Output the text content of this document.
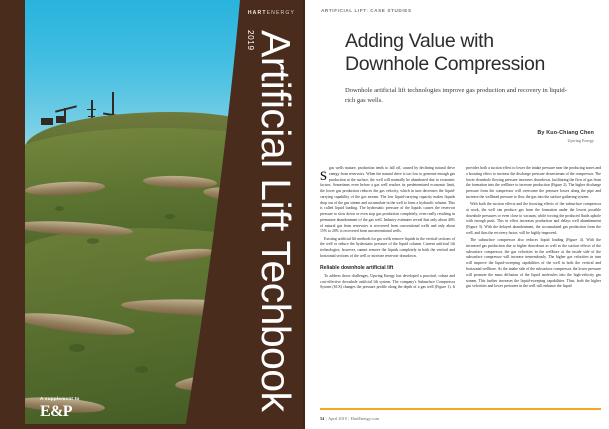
A supplement to
E&P
HARTENERGY
Artificial Lift Techbook
2019
ARTIFICIAL LIFT: CASE STUDIES
Adding Value with
Downhole Compression
Downhole artificial lift technologies improve gas production and recovery in liquid-rich gas wells.
By Kuo-Chiang Chen
Upwing Energy

sgas wells mature, production tends to fall off, caused by declining natural drive energy from reservoirs. When the natural drive is too low to generate enough gas production at the surface, the well will normally be abandoned due to economic factors. Sometimes even before a gas well reaches its predetermined economic limit, the lower gas production reduces the gas velocity, which in turn decreases the liquid-carrying capability of the gas stream. The low liquid-carrying capacity makes liquids drop out of the gas stream and accumulate in the well to form a hydraulic column. This is called liquid loading. The hydrostatic pressure of the liquids causes the reservoir pressure to slow down or even stop gas production completely, even really resulting in premature abandonment of the gas well. Industry estimates reveal that only about 40% of natural gas from reservoirs is recovered from conventional wells and only about 15% to 20% is recovered from unconventional wells.

Existing artificial lift methods for gas wells remove liquids in the vertical sections of the well or reduce the hydrostatic pressure of the liquid column. Current artificial lift technologies, however, cannot remove the liquids completely in both the vertical and horizontal sections of the well or increase reservoir drawdown.

Reliable downhole artificial lift

To address those challenges, Upwing Energy has developed a practical, robust and cost-effective downhole artificial lift system. The company's Subsurface Compressor System (SCS) changes the pressure profile along the depth of a gas well (Figure 1). It provides both a suction effect to lower the intake pressure near the producing zones and a boosting effect to increase the discharge pressure downstream of the compressor. The lower downhole flowing pressure increases drawdown, facilitating the flow of gas from the formation into the wellbore to increase production (Figure 2). The higher discharge pressure from the compressor will overcome the pressure losses along the pipe and increase the wellhead pressure to flow the gas into the surface gathering system.

With both the suction effects and the boosting effects of the subsurface compressor at work, the well can produce gas from the formation under the lowest possible downhole pressures or even close to vacuum, while forcing the produced fluids uphole with enough push. This in effect increases production and delays well abandonment (Figure 3). With the delayed abandonment, the accumulated gas production from the well, and thus the recovery factor, will be highly improved.

The subsurface compressor also reduces liquid loading (Figure 4). With the increased gas production due to higher drawdown as well as the suction effects of the subsurface compressor, the gas velocities in the wellbore at the inside side of the subsurface compressor will increase tremendously. The higher gas velocities in turn will improve the liquid-sweeping capabilities of the well in both the vertical and horizontal wellbore. As the intake side of the subsurface compressor, the lower pressure will promote the mass diffusion of the liquid molecules into the high-velocity gas stream. This further increases the liquid-sweeping capabilities. Thus, both the higher gas velocities and lower pressures in the well will enhance the liquid

54 | April 2019 | HartEnergy.com
